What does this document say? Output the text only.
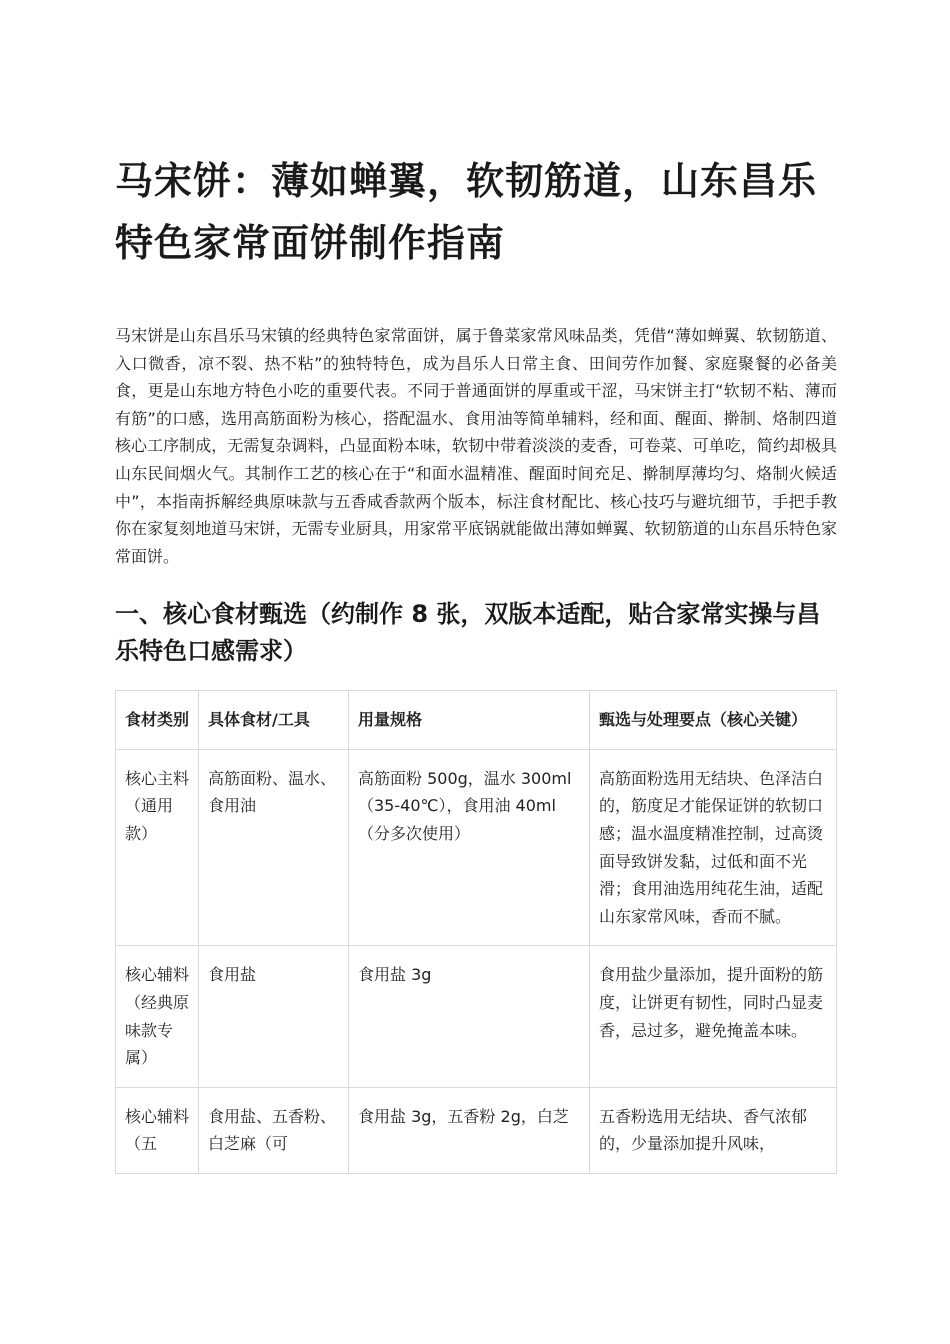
马宋饼：薄如蝉翼，软韧筋道，山东昌乐特色家常面饼制作指南

马宋饼是山东昌乐马宋镇的经典特色家常面饼，属于鲁菜家常风味品类，凭借“薄如蝉翼、软韧筋道、入口微香，凉不裂、热不粘”的独特特色，成为昌乐人日常主食、田间劳作加餐、家庭聚餐的必备美食，更是山东地方特色小吃的重要代表。不同于普通面饼的厚重或干涩，马宋饼主打“软韧不粘、薄而有筋”的口感，选用高筋面粉为核心，搭配温水、食用油等简单辅料，经和面、醒面、擀制、烙制四道核心工序制成，无需复杂调料，凸显面粉本味，软韧中带着淡淡的麦香，可卷菜、可单吃，简约却极具山东民间烟火气。其制作工艺的核心在于“和面水温精准、醒面时间充足、擀制厚薄均匀、烙制火候适中”，本指南拆解经典原味款与五香咸香款两个版本，标注食材配比、核心技巧与避坑细节，手把手教你在家复刻地道马宋饼，无需专业厨具，用家常平底锅就能做出薄如蝉翼、软韧筋道的山东昌乐特色家常面饼。

一、核心食材甄选（约制作 8 张，双版本适配，贴合家常实操与昌乐特色口感需求）
食材类别	具体食材/工具	用量规格	甄选与处理要点（核心关键）
核心主料（通用款）	高筋面粉、温水、食用油	高筋面粉 500g，温水 300ml（35-40℃），食用油 40ml（分多次使用）	高筋面粉选用无结块、色泽洁白的，筋度足才能保证饼的软韧口感；温水温度精准控制，过高烫面导致饼发黏，过低和面不光滑；食用油选用纯花生油，适配山东家常风味，香而不腻。
核心辅料（经典原味款专属）	食用盐	食用盐 3g	食用盐少量添加，提升面粉的筋度，让饼更有韧性，同时凸显麦香，忌过多，避免掩盖本味。
核心辅料（五	食用盐、五香粉、白芝麻（可	食用盐 3g，五香粉 2g，白芝	五香粉选用无结块、香气浓郁的，少量添加提升风味，
